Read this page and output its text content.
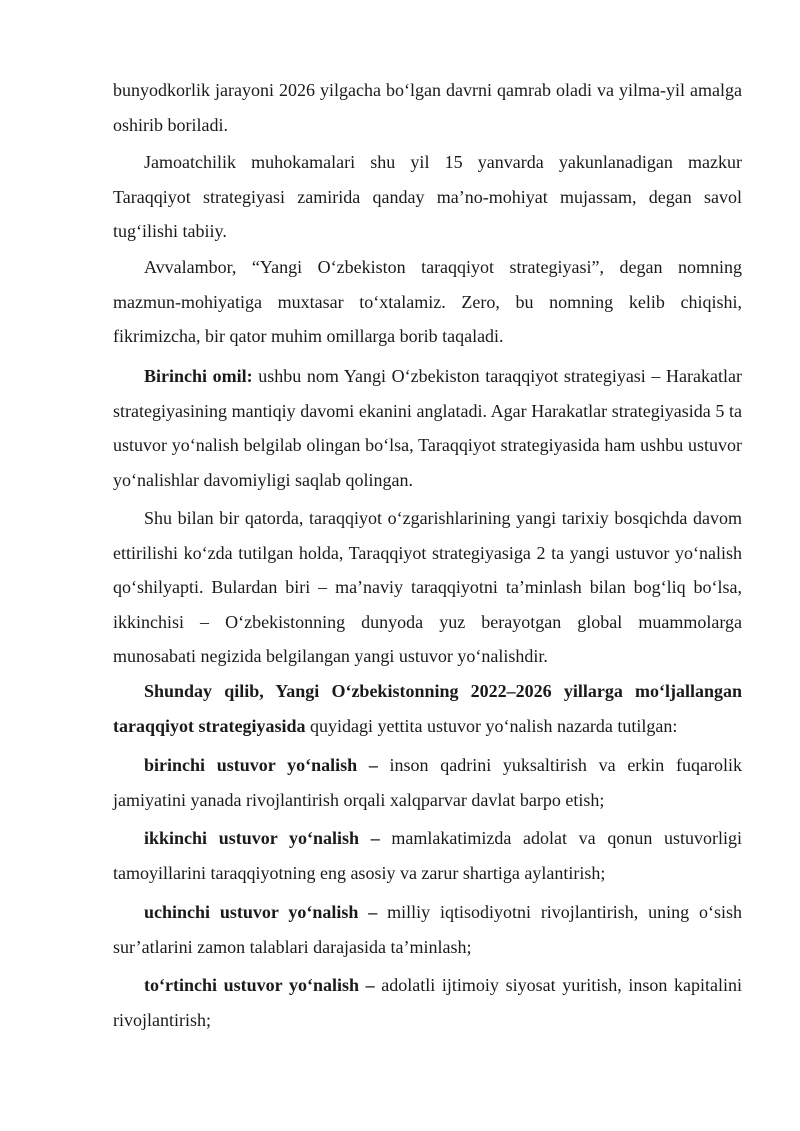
bunyodkorlik jarayoni 2026 yilgacha bo‘lgan davrni qamrab oladi va yilma-yil amalga oshirib boriladi.

Jamoatchilik muhokamalari shu yil 15 yanvarda yakunlanadigan mazkur Taraqqiyot strategiyasi zamirida qanday ma’no-mohiyat mujassam, degan savol tug‘ilishi tabiiy.

Avvalambor, “Yangi O‘zbekiston taraqqiyot strategiyasi”, degan nomning mazmun-mohiyatiga muxtasar to‘xtalamiz. Zero, bu nomning kelib chiqishi, fikrimizcha, bir qator muhim omillarga borib taqaladi.

Birinchi omil: ushbu nom Yangi O‘zbekiston taraqqiyot strategiyasi – Harakatlar strategiyasining mantiqiy davomi ekanini anglatadi. Agar Harakatlar strategiyasida 5 ta ustuvor yo‘nalish belgilab olingan bo‘lsa, Taraqqiyot strategiyasida ham ushbu ustuvor yo‘nalishlar davomiyligi saqlab qolingan.

Shu bilan bir qatorda, taraqqiyot o‘zgarishlarining yangi tarixiy bosqichda davom ettirilishi ko‘zda tutilgan holda, Taraqqiyot strategiyasiga 2 ta yangi ustuvor yo‘nalish qo‘shilyapti. Bulardan biri – ma’naviy taraqqiyotni ta’minlash bilan bog‘liq bo‘lsa, ikkinchisi – O‘zbekistonning dunyoda yuz berayotgan global muammolarga munosabati negizida belgilangan yangi ustuvor yo‘nalishdir.

Shunday qilib, Yangi O‘zbekistonning 2022–2026 yillarga mo‘ljallangan taraqqiyot strategiyasida quyidagi yettita ustuvor yo‘nalish nazarda tutilgan:

birinchi ustuvor yo‘nalish – inson qadrini yuksaltirish va erkin fuqarolik jamiyatini yanada rivojlantirish orqali xalqparvar davlat barpo etish;

ikkinchi ustuvor yo‘nalish – mamlakatimizda adolat va qonun ustuvorligi tamoyillarini taraqqiyotning eng asosiy va zarur shartiga aylantirish;

uchinchi ustuvor yo‘nalish – milliy iqtisodiyotni rivojlantirish, uning o‘sish sur’atlarini zamon talablari darajasida ta’minlash;

to‘rtinchi ustuvor yo‘nalish – adolatli ijtimoiy siyosat yuritish, inson kapitalini rivojlantirish;
